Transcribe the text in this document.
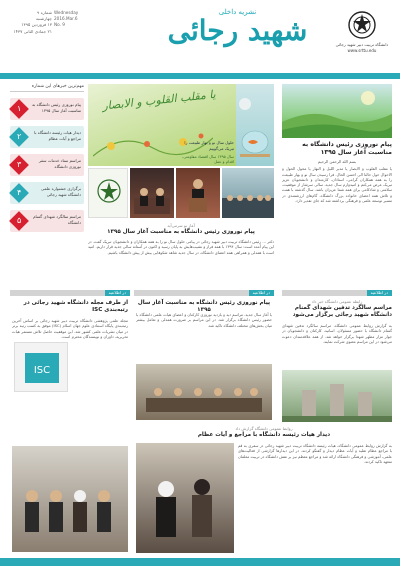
شماره ۹
چهارشنبه
۱۳ فروردین ۱۳۹۵
۲۱ جمادی الثانی ۱۴۳۷
Wednesday
2016.Mar.6
No. 9
نشریه داخلی
شهید رجائی	دانشگاه تربیت دبیر شهید رجائی
www.srttu.edu
مهم‌ترین خبرهای این شماره
۱	پیام نوروزی رئیس دانشگاه به مناسبت آغاز سال ۱۳۹۵
۲	دیدار هیات رئیسه دانشگاه با مراجع و آیات عظام
۳	مراسم ستاد خدمات سفر نوروزی دانشگاه
۴	برگزاری جشنواره علمی دانشگاه شهید رجائی
۵	مراسم سالگرد شهدای گمنام دانشگاه
یا مقلب القلوب و الابصار
حلول سال نو و بهار طبیعت را تبریک می‌گوییم
سال ۱۳۹۵ سال اقتصاد مقاومتی، اقدام و عمل
پیام نوروزی رئیس دانشگاه به مناسبت آغاز سال ۱۳۹۵
بسم الله الرحمن الرحیم
یا مقلب القلوب و الابصار یا مدبر اللیل و النهار یا محول الحول و الاحوال حول حالنا الی احسن الحال. فرا رسیدن سال نو و بهار طبیعت را به همه همکاران گرامی، استادان، کارمندان و دانشجویان عزیز تبریک عرض می‌کنم و امیدوارم سال جدید، سالی سرشار از موفقیت، سلامتی و شادکامی برای همه شما عزیزان باشد. سال گذشته با همت و تلاش همه اعضای خانواده بزرگ دانشگاه، گام‌های ارزشمندی در مسیر توسعه علمی و فرهنگی برداشته شد که جای تقدیر دارد.
آغاز نو سرمی‌آید
پیام نوروزی رئیس دانشگاه به مناسبت آغاز سال ۱۳۹۵
دکتر ... رئیس دانشگاه تربیت دبیر شهید رجائی در پیامی حلول سال نو را به همه همکاران و دانشجویان تبریک گفت. در این پیام آمده است: سال ۱۳۹۴ با همه فراز و نشیب‌هایش به پایان رسید و اکنون در آستانه سالی جدید قرار داریم. امید است با همدلی و همراهی همه اعضای دانشگاه، در سال جدید شاهد شکوفایی بیش از پیش دانشگاه باشیم.
در اطلاعیه	در اطلاعیه	در اطلاعیه
از طرف مجله دانشگاه شهید رجائی در رتبه‌بندی ISC
مجله علمی پژوهشی دانشگاه تربیت دبیر شهید رجائی بر اساس آخرین رتبه‌بندی پایگاه استنادی علوم جهان اسلام (ISC) موفق به کسب رتبه برتر در میان نشریات علمی کشور شد. این موفقیت حاصل تلاش مستمر هیات تحریریه، داوران و نویسندگان محترم است.
ISC
پیام نوروزی رئیس دانشگاه به مناسبت آغاز سال ۱۳۹۵
با آغاز سال جدید، مراسم دید و بازدید نوروزی کارکنان و اعضای هیات علمی دانشگاه با حضور رئیس دانشگاه برگزار شد. در این مراسم بر ضرورت همدلی و تعامل بیشتر میان بخش‌های مختلف دانشگاه تاکید شد.
رابطه عمومی دانشگاه خبر داد
مراسم سالگرد تدفین شهدای گمنام دانشگاه شهید رجائی برگزار می‌شود
به گزارش روابط عمومی دانشگاه، مراسم سالگرد تدفین شهدای گمنام دانشگاه با حضور مسئولان، اساتید، کارکنان و دانشجویان در جوار مزار مطهر شهدا برگزار خواهد شد. از همه علاقه‌مندان دعوت می‌شود در این مراسم معنوی شرکت نمایند.
روابط عمومی دانشگاه گزارش داد
دیدار هیات رئیسه دانشگاه با مراجع و آیات عظام
به گزارش روابط عمومی دانشگاه، هیات رئیسه دانشگاه تربیت دبیر شهید رجائی در سفری به قم با مراجع عظام تقلید و آیات عظام دیدار و گفتگو کردند. در این دیدارها گزارشی از فعالیت‌های علمی، آموزشی و فرهنگی دانشگاه ارائه شد و مراجع معظم نیز بر نقش دانشگاه در تربیت معلمان متعهد تاکید کردند.
